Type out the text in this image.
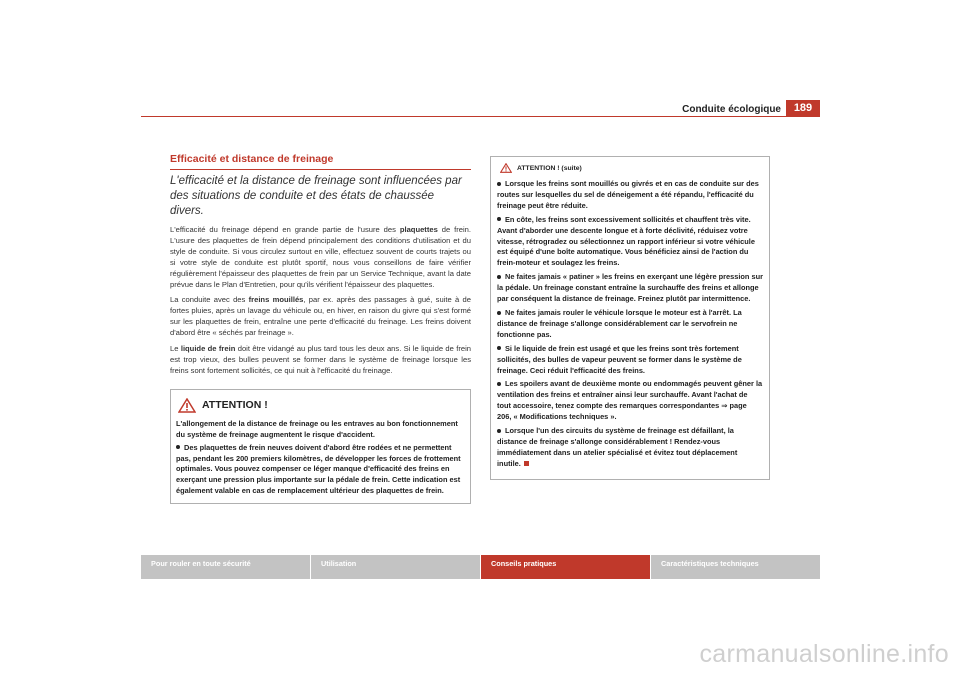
Conduite écologique	189
Efficacité et distance de freinage
L'efficacité et la distance de freinage sont influencées par des situations de conduite et des états de chaussée divers.

L'efficacité du freinage dépend en grande partie de l'usure des plaquettes de frein. L'usure des plaquettes de frein dépend principalement des conditions d'utilisation et du style de conduite. Si vous circulez surtout en ville, effectuez souvent de courts trajets ou si votre style de conduite est plutôt sportif, nous vous conseillons de faire vérifier régulièrement l'épaisseur des plaquettes de frein par un Service Technique, avant la date prévue dans le Plan d'Entretien, pour qu'ils vérifient l'épaisseur des plaquettes.

La conduite avec des freins mouillés, par ex. après des passages à gué, suite à de fortes pluies, après un lavage du véhicule ou, en hiver, en raison du givre qui s'est formé sur les plaquettes de frein, entraîne une perte d'efficacité du freinage. Les freins doivent d'abord être « séchés par freinage ».

Le liquide de frein doit être vidangé au plus tard tous les deux ans. Si le liquide de frein est trop vieux, des bulles peuvent se former dans le système de freinage lorsque les freins sont fortement sollicités, ce qui nuit à l'efficacité du freinage.

ATTENTION !

L'allongement de la distance de freinage ou les entraves au bon fonctionnement du système de freinage augmentent le risque d'accident.

Des plaquettes de frein neuves doivent d'abord être rodées et ne permettent pas, pendant les 200 premiers kilomètres, de développer les forces de frottement optimales. Vous pouvez compenser ce léger manque d'efficacité des freins en exerçant une pression plus importante sur la pédale de frein. Cette indication est également valable en cas de remplacement ultérieur des plaquettes de frein.

ATTENTION ! (suite)

Lorsque les freins sont mouillés ou givrés et en cas de conduite sur des routes sur lesquelles du sel de déneigement a été répandu, l'efficacité du freinage peut être réduite.

En côte, les freins sont excessivement sollicités et chauffent très vite. Avant d'aborder une descente longue et à forte déclivité, réduisez votre vitesse, rétrogradez ou sélectionnez un rapport inférieur si votre véhicule est équipé d'une boîte automatique. Vous bénéficiez ainsi de l'action du frein-moteur et soulagez les freins.

Ne faites jamais « patiner » les freins en exerçant une légère pression sur la pédale. Un freinage constant entraîne la surchauffe des freins et allonge par conséquent la distance de freinage. Freinez plutôt par intermittence.

Ne faites jamais rouler le véhicule lorsque le moteur est à l'arrêt. La distance de freinage s'allonge considérablement car le servofrein ne fonctionne pas.

Si le liquide de frein est usagé et que les freins sont très fortement sollicités, des bulles de vapeur peuvent se former dans le système de freinage. Ceci réduit l'efficacité des freins.

Les spoilers avant de deuxième monte ou endommagés peuvent gêner la ventilation des freins et entraîner ainsi leur surchauffe. Avant l'achat de tout accessoire, tenez compte des remarques correspondantes ⇒ page 206, « Modifications techniques ».

Lorsque l'un des circuits du système de freinage est défaillant, la distance de freinage s'allonge considérablement ! Rendez-vous immédiatement dans un atelier spécialisé et évitez tout déplacement inutile.

Pour rouler en toute sécurité	Utilisation	Conseils pratiques	Caractéristiques techniques
carmanualsonline.info
